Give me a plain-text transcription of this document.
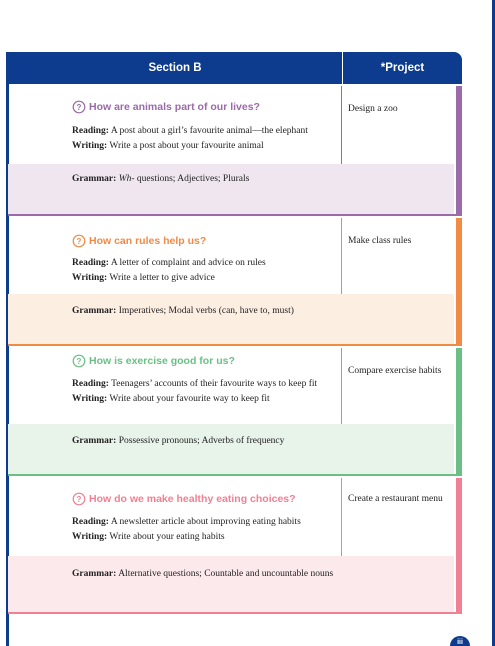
Section B	*Project
? How are animals part of our lives?
Reading: A post about a girl’s favourite animal—the elephant
Writing: Write a post about your favourite animal
Grammar: Wh- questions; Adjectives; Plurals
Design a zoo
? How can rules help us?
Reading: A letter of complaint and advice on rules
Writing: Write a letter to give advice
Grammar: Imperatives; Modal verbs (can, have to, must)
Make class rules
? How is exercise good for us?
Reading: Teenagers’ accounts of their favourite ways to keep fit
Writing: Write about your favourite way to keep fit
Grammar: Possessive pronouns; Adverbs of frequency
Compare exercise habits
? How do we make healthy eating choices?
Reading: A newsletter article about improving eating habits
Writing: Write about your eating habits
Grammar: Alternative questions; Countable and uncountable nouns
Create a restaurant menu
iii
